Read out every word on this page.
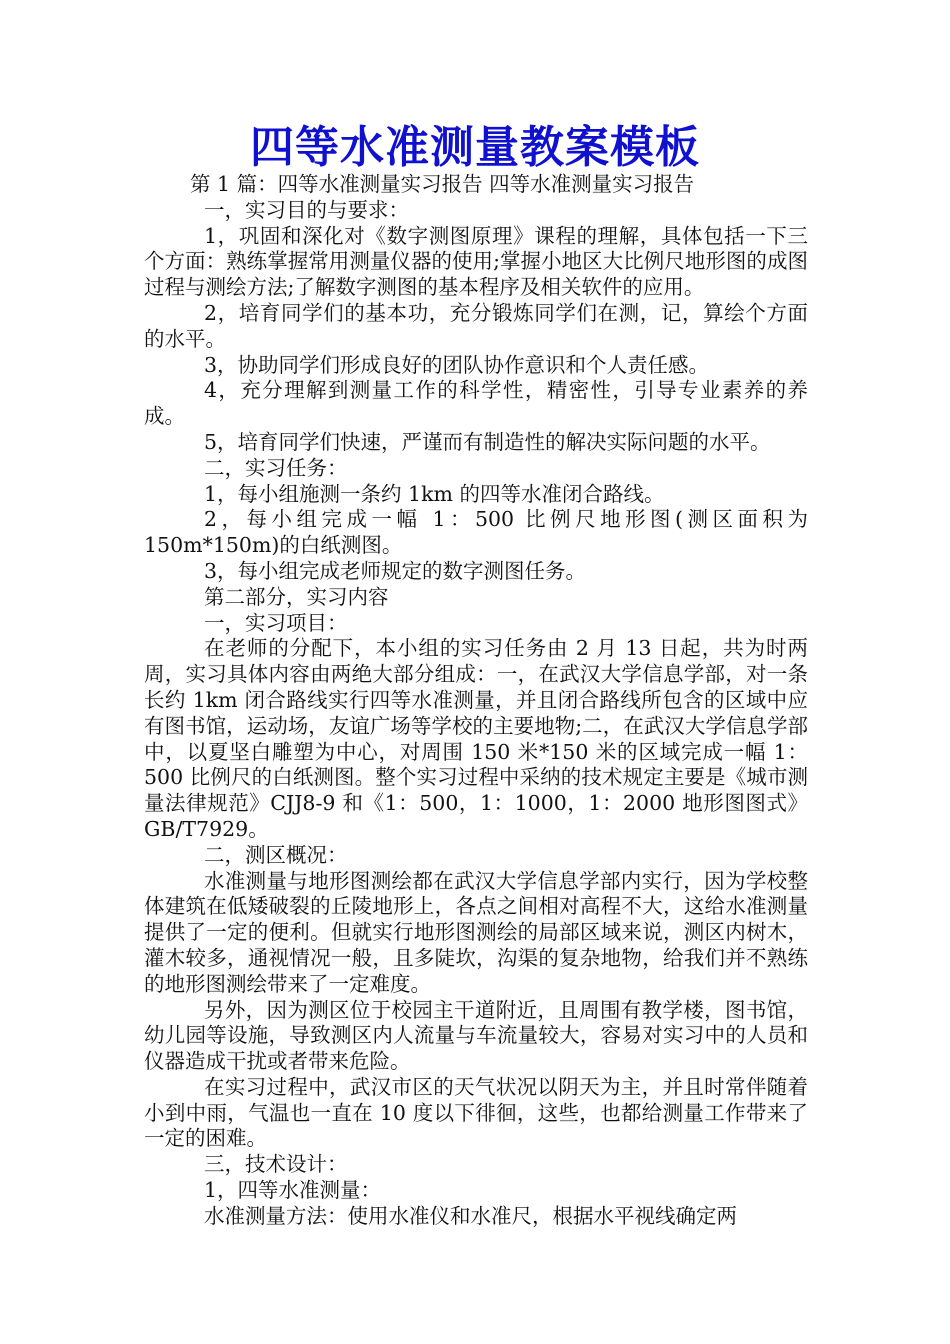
四等水准测量教案模板

第 1 篇：四等水准测量实习报告 四等水准测量实习报告

一，实习目的与要求：

1，巩固和深化对《数字测图原理》课程的理解，具体包括一下三个方面：熟练掌握常用测量仪器的使用;掌握小地区大比例尺地形图的成图过程与测绘方法;了解数字测图的基本程序及相关软件的应用。

2，培育同学们的基本功，充分锻炼同学们在测，记，算绘个方面的水平。

3，协助同学们形成良好的团队协作意识和个人责任感。

4，充分理解到测量工作的科学性，精密性，引导专业素养的养成。

5，培育同学们快速，严谨而有制造性的解决实际问题的水平。

二，实习任务：

1，每小组施测一条约 1km 的四等水准闭合路线。

2，每小组完成一幅 1：500 比例尺地形图(测区面积为150m*150m)的白纸测图。

3，每小组完成老师规定的数字测图任务。

第二部分，实习内容

一，实习项目：

在老师的分配下，本小组的实习任务由 2 月 13 日起，共为时两周，实习具体内容由两绝大部分组成：一，在武汉大学信息学部，对一条长约 1km 闭合路线实行四等水准测量，并且闭合路线所包含的区域中应有图书馆，运动场，友谊广场等学校的主要地物;二，在武汉大学信息学部中，以夏坚白雕塑为中心，对周围 150 米*150 米的区域完成一幅 1：500 比例尺的白纸测图。整个实习过程中采纳的技术规定主要是《城市测量法律规范》CJJ8-9 和《1：500，1：1000，1：2000 地形图图式》GB/T7929。

二，测区概况：

水准测量与地形图测绘都在武汉大学信息学部内实行，因为学校整体建筑在低矮破裂的丘陵地形上，各点之间相对高程不大，这给水准测量提供了一定的便利。但就实行地形图测绘的局部区域来说，测区内树木，灌木较多，通视情况一般，且多陡坎，沟渠的复杂地物，给我们并不熟练的地形图测绘带来了一定难度。

另外，因为测区位于校园主干道附近，且周围有教学楼，图书馆，幼儿园等设施，导致测区内人流量与车流量较大，容易对实习中的人员和仪器造成干扰或者带来危险。

在实习过程中，武汉市区的天气状况以阴天为主，并且时常伴随着小到中雨，气温也一直在 10 度以下徘徊，这些，也都给测量工作带来了一定的困难。

三，技术设计：

1，四等水准测量：

水准测量方法：使用水准仪和水准尺，根据水平视线确定两
